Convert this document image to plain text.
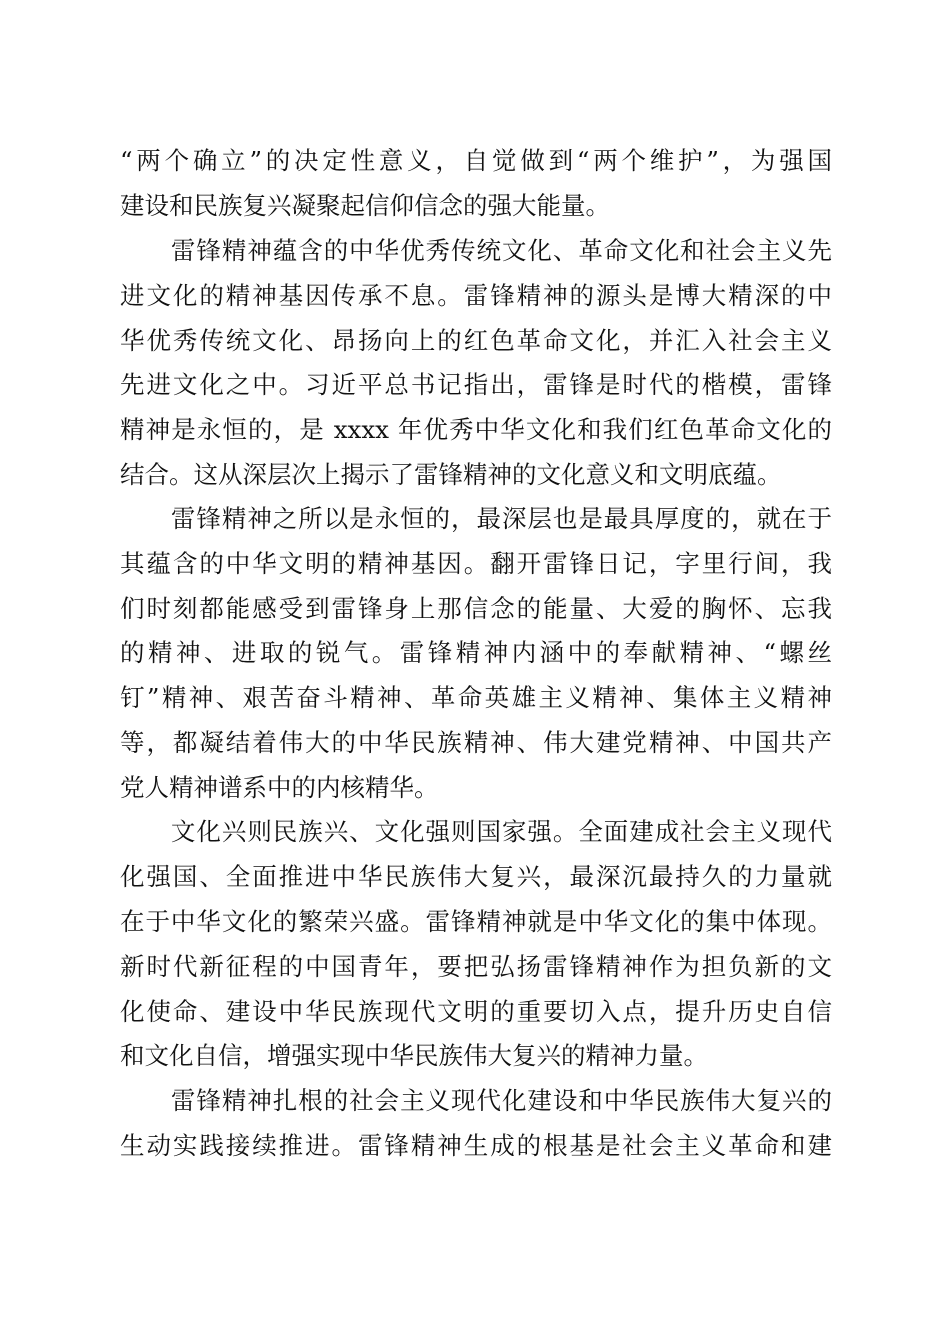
“两个确立”的决定性意义，自觉做到“两个维护”，为强国
建设和民族复兴凝聚起信仰信念的强大能量。
　　雷锋精神蕴含的中华优秀传统文化、革命文化和社会主义先
进文化的精神基因传承不息。雷锋精神的源头是博大精深的中
华优秀传统文化、昂扬向上的红色革命文化，并汇入社会主义
先进文化之中。习近平总书记指出，雷锋是时代的楷模，雷锋
精神是永恒的，是 xxxx 年优秀中华文化和我们红色革命文化的
结合。这从深层次上揭示了雷锋精神的文化意义和文明底蕴。
　　雷锋精神之所以是永恒的，最深层也是最具厚度的，就在于
其蕴含的中华文明的精神基因。翻开雷锋日记，字里行间，我
们时刻都能感受到雷锋身上那信念的能量、大爱的胸怀、忘我
的精神、进取的锐气。雷锋精神内涵中的奉献精神、“螺丝
钉”精神、艰苦奋斗精神、革命英雄主义精神、集体主义精神
等，都凝结着伟大的中华民族精神、伟大建党精神、中国共产
党人精神谱系中的内核精华。
　　文化兴则民族兴、文化强则国家强。全面建成社会主义现代
化强国、全面推进中华民族伟大复兴，最深沉最持久的力量就
在于中华文化的繁荣兴盛。雷锋精神就是中华文化的集中体现。
新时代新征程的中国青年，要把弘扬雷锋精神作为担负新的文
化使命、建设中华民族现代文明的重要切入点，提升历史自信
和文化自信，增强实现中华民族伟大复兴的精神力量。
　　雷锋精神扎根的社会主义现代化建设和中华民族伟大复兴的
生动实践接续推进。雷锋精神生成的根基是社会主义革命和建
